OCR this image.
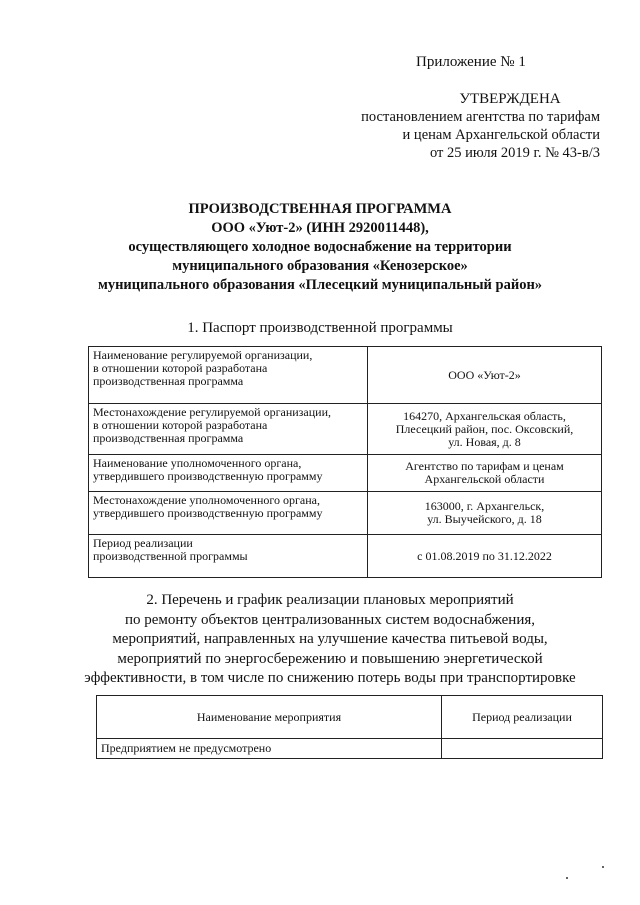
Приложение № 1
УТВЕРЖДЕНА
постановлением агентства по тарифам
и ценам Архангельской области
от 25 июля 2019 г. № 43-в/3
ПРОИЗВОДСТВЕННАЯ ПРОГРАММА
ООО «Уют-2» (ИНН 2920011448),
осуществляющего холодное водоснабжение на территории
муниципального образования «Кенозерское»
муниципального образования «Плесецкий муниципальный район»
1. Паспорт производственной программы
Наименование регулируемой организации,
в отношении которой разработана
производственная программа	ООО «Уют-2»

Местонахождение регулируемой организации,
в отношении которой разработана
производственная программа	164270, Архангельская область,
Плесецкий район, пос. Оксовский,
ул. Новая, д. 8

Наименование уполномоченного органа,
утвердившего производственную программу	Агентство по тарифам и ценам
Архангельской области

Местонахождение уполномоченного органа,
утвердившего производственную программу	163000, г. Архангельск,
ул. Выучейского, д. 18

Период реализации
производственной программы	с 01.08.2019 по 31.12.2022
2. Перечень и график реализации плановых мероприятий
по ремонту объектов централизованных систем водоснабжения,
мероприятий, направленных на улучшение качества питьевой воды,
мероприятий по энергосбережению и повышению энергетической
эффективности, в том числе по снижению потерь воды при транспортировке
Наименование мероприятия	Период реализации
Предприятием не предусмотрено	
